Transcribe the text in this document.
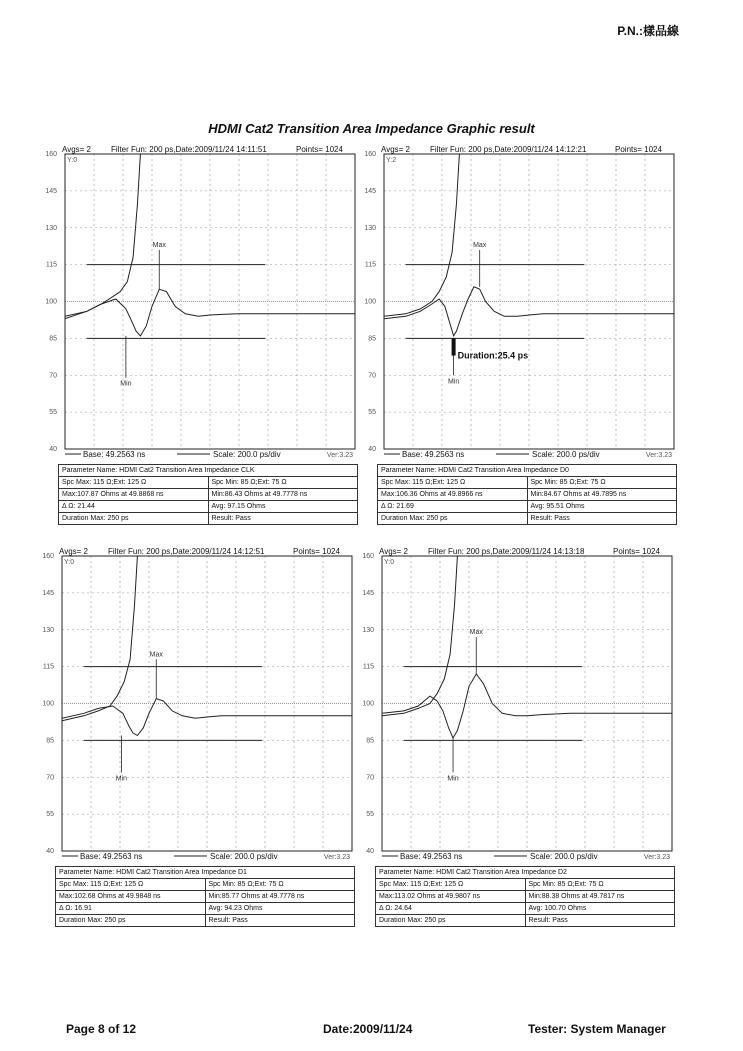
P.N.:樣品線
HDMI Cat2 Transition Area Impedance Graphic result
Avgs= 2	Filter Fun: 200 ps,Date:2009/11/24 14:11:51	Points= 1024
160
145
130
115
100
85
70
55
40
Y:0
Max
Min
Base: 49.2563 ns	Scale: 200.0 ps/div	Ver:3.23
Parameter Name: HDMI Cat2 Transition Area Impedance CLK	
Spc Max: 115 Ω;Ext: 125 Ω	Spc Min: 85 Ω;Ext: 75 Ω
Max:107.87 Ohms at 49.8868 ns	Min:86.43 Ohms at 49.7778 ns
Δ Ω: 21.44	Avg: 97.15 Ohms
Duration Max: 250 ps	Result: Pass
Avgs= 2	Filter Fun: 200 ps,Date:2009/11/24 14:12:21	Points= 1024
160
145
130
115
100
85
70
55
40
Y:2
Max
Min
Duration:25.4 ps
Base: 49.2563 ns	Scale: 200.0 ps/div	Ver:3.23
Parameter Name: HDMI Cat2 Transition Area Impedance D0	
Spc Max: 115 Ω;Ext: 125 Ω	Spc Min: 85 Ω;Ext: 75 Ω
Max:106.36 Ohms at 49.8966 ns	Min:84.67 Ohms at 49.7895 ns
Δ Ω: 21.69	Avg: 95.51 Ohms
Duration Max: 250 ps	Result: Pass
Avgs= 2	Filter Fun: 200 ps,Date:2009/11/24 14:12:51	Points= 1024
160
145
130
115
100
85
70
55
40
Y:0
Max
Min
Base: 49.2563 ns	Scale: 200.0 ps/div	Ver:3.23
Parameter Name: HDMI Cat2 Transition Area Impedance D1	
Spc Max: 115 Ω;Ext: 125 Ω	Spc Min: 85 Ω;Ext: 75 Ω
Max:102.68 Ohms at 49.9848 ns	Min:85.77 Ohms at 49.7778 ns
Δ Ω: 16.91	Avg: 94.23 Ohms
Duration Max: 250 ps	Result: Pass
Avgs= 2	Filter Fun: 200 ps,Date:2009/11/24 14:13:18	Points= 1024
160
145
130
115
100
85
70
55
40
Y:0
Max
Min
Base: 49.2563 ns	Scale: 200.0 ps/div	Ver:3.23
Parameter Name: HDMI Cat2 Transition Area Impedance D2	
Spc Max: 115 Ω;Ext: 125 Ω	Spc Min: 85 Ω;Ext: 75 Ω
Max:113.02 Ohms at 49.9807 ns	Min:88.38 Ohms at 49.7817 ns
Δ Ω: 24.64	Avg: 100.70 Ohms
Duration Max: 250 ps	Result: Pass
Page 8 of 12	Date:2009/11/24	Tester: System Manager
